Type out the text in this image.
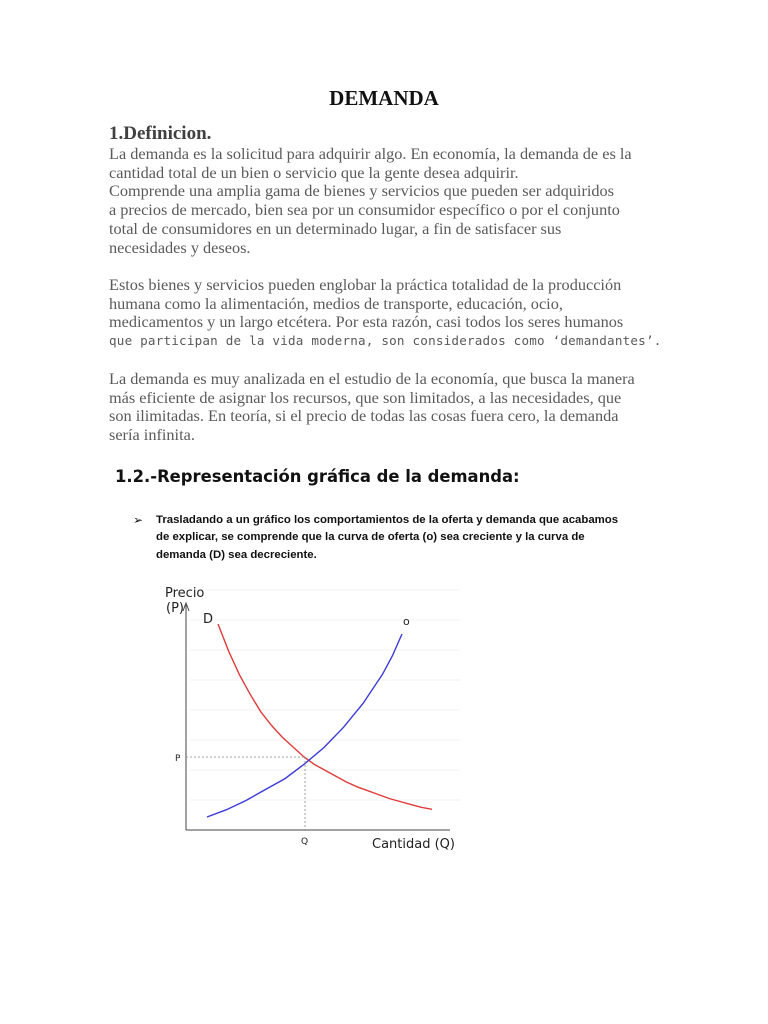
DEMANDA
1.Definicion.
La demanda es la solicitud para adquirir algo. En economía, la demanda de es la
cantidad total de un bien o servicio que la gente desea adquirir.
Comprende una amplia gama de bienes y servicios que pueden ser adquiridos
a precios de mercado, bien sea por un consumidor específico o por el conjunto
total de consumidores en un determinado lugar, a fin de satisfacer sus
necesidades y deseos.
Estos bienes y servicios pueden englobar la práctica totalidad de la producción
humana como la alimentación, medios de transporte, educación, ocio,
medicamentos y un largo etcétera. Por esta razón, casi todos los seres humanos
que participan de la vida moderna, son considerados como ‘demandantes’.
La demanda es muy analizada en el estudio de la economía, que busca la manera
más eficiente de asignar los recursos, que son limitados, a las necesidades, que
son ilimitadas. En teoría, si el precio de todas las cosas fuera cero, la demanda
sería infinita.
1.2.-Representación gráfica de la demanda:
➢ Trasladando a un gráfico los comportamientos de la oferta y demanda que acabamos
de explicar, se comprende que la curva de oferta (o) sea creciente y la curva de
demanda (D) sea decreciente.
Precio
(P)
D	o
P
Q	Cantidad (Q)
